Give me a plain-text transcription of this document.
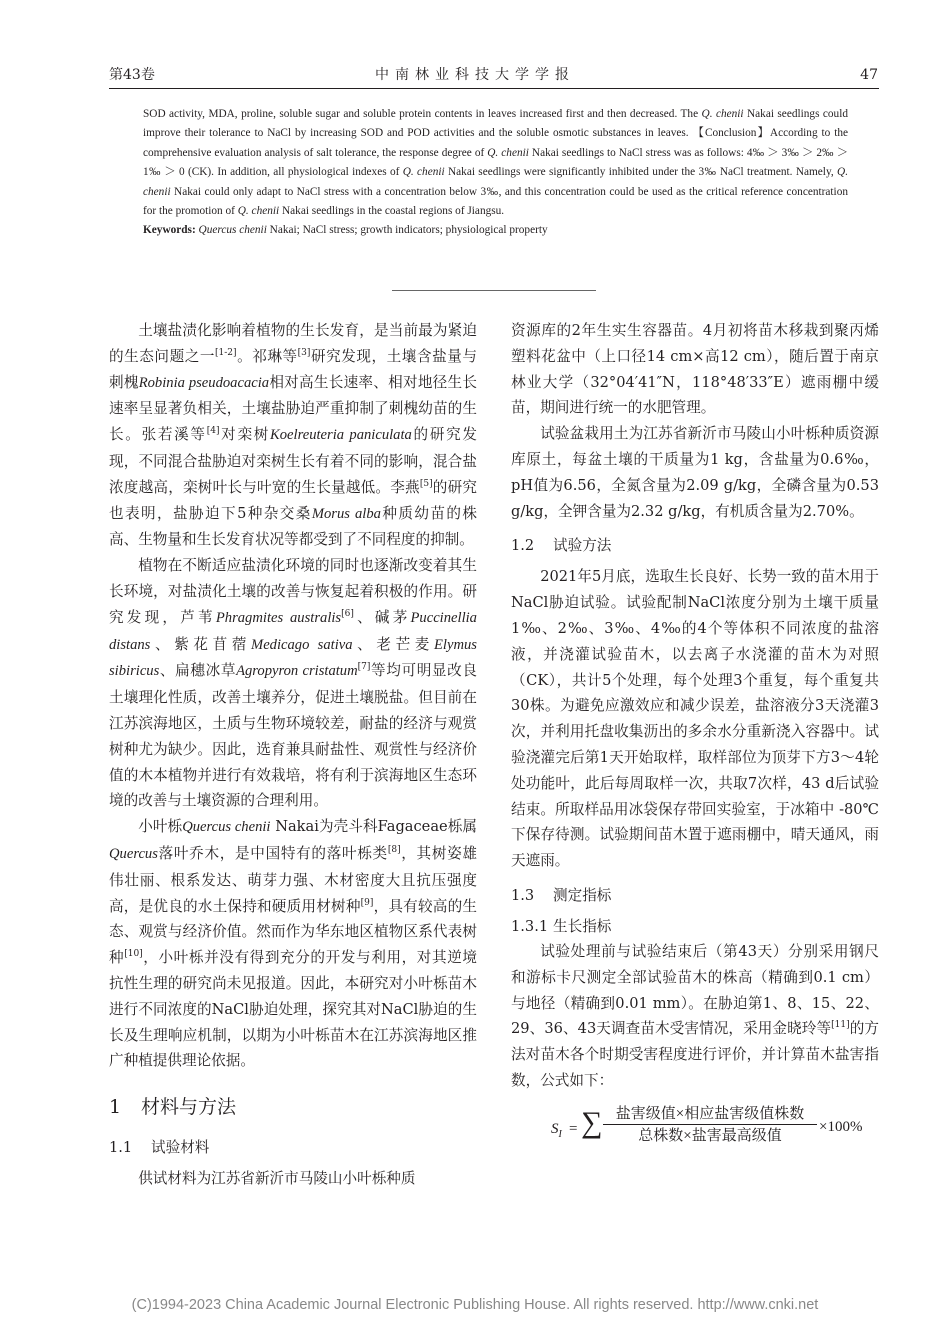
第43卷	中南林业科技大学学报	47

SOD activity, MDA, proline, soluble sugar and soluble protein contents in leaves increased first and then decreased. The Q. chenii Nakai seedlings could improve their tolerance to NaCl by increasing SOD and POD activities and the soluble osmotic substances in leaves. 【Conclusion】According to the comprehensive evaluation analysis of salt tolerance, the response degree of Q. chenii Nakai seedlings to NaCl stress was as follows: 4‰ ＞ 3‰ ＞ 2‰ ＞ 1‰ ＞ 0 (CK). In addition, all physiological indexes of Q. chenii Nakai seedlings were significantly inhibited under the 3‰ NaCl treatment. Namely, Q. chenii Nakai could only adapt to NaCl stress with a concentration below 3‰, and this concentration could be used as the critical reference concentration for the promotion of Q. chenii Nakai seedlings in the coastal regions of Jiangsu.

Keywords: Quercus chenii Nakai; NaCl stress; growth indicators; physiological property

土壤盐渍化影响着植物的生长发育，是当前最为紧迫的生态问题之一[1-2]。祁琳等[3]研究发现，土壤含盐量与刺槐Robinia pseudoacacia相对高生长速率、相对地径生长速率呈显著负相关，土壤盐胁迫严重抑制了刺槐幼苗的生长。张若溪等[4]对栾树Koelreuteria paniculata的研究发现，不同混合盐胁迫对栾树生长有着不同的影响，混合盐浓度越高，栾树叶长与叶宽的生长量越低。李燕[5]的研究也表明，盐胁迫下5种杂交桑Morus alba种质幼苗的株高、生物量和生长发育状况等都受到了不同程度的抑制。

植物在不断适应盐渍化环境的同时也逐渐改变着其生长环境，对盐渍化土壤的改善与恢复起着积极的作用。研究发现，芦苇Phragmites australis[6]、碱茅Puccinellia distans、紫花苜蓿Medicago sativa、老芒麦Elymus sibiricus、扁穗冰草Agropyron cristatum[7]等均可明显改良土壤理化性质，改善土壤养分，促进土壤脱盐。但目前在江苏滨海地区，土质与生物环境较差，耐盐的经济与观赏树种尤为缺少。因此，选育兼具耐盐性、观赏性与经济价值的木本植物并进行有效栽培，将有利于滨海地区生态环境的改善与土壤资源的合理利用。

小叶栎Quercus chenii Nakai为壳斗科Fagaceae栎属Quercus落叶乔木，是中国特有的落叶栎类[8]，其树姿雄伟壮丽、根系发达、萌芽力强、木材密度大且抗压强度高，是优良的水土保持和硬质用材树种[9]，具有较高的生态、观赏与经济价值。然而作为华东地区植物区系代表树种[10]，小叶栎并没有得到充分的开发与利用，对其逆境抗性生理的研究尚未见报道。因此，本研究对小叶栎苗木进行不同浓度的NaCl胁迫处理，探究其对NaCl胁迫的生长及生理响应机制，以期为小叶栎苗木在江苏滨海地区推广种植提供理论依据。

1 材料与方法
1.1 试验材料

供试材料为江苏省新沂市马陵山小叶栎种质

资源库的2年生实生容器苗。4月初将苗木移栽到聚丙烯塑料花盆中（上口径14 cm×高12 cm），随后置于南京林业大学（32°04′41″N，118°48′33″E）遮雨棚中缓苗，期间进行统一的水肥管理。

试验盆栽用土为江苏省新沂市马陵山小叶栎种质资源库原土，每盆土壤的干质量为1 kg，含盐量为0.6‰，pH值为6.56，全氮含量为2.09 g/kg，全磷含量为0.53 g/kg，全钾含量为2.32 g/kg，有机质含量为2.70%。

1.2 试验方法

2021年5月底，选取生长良好、长势一致的苗木用于NaCl胁迫试验。试验配制NaCl浓度分别为土壤干质量1‰、2‰、3‰、4‰的4个等体积不同浓度的盐溶液，并浇灌试验苗木，以去离子水浇灌的苗木为对照（CK），共计5个处理，每个处理3个重复，每个重复共30株。为避免应激效应和减少误差，盐溶液分3天浇灌3次，并利用托盘收集沥出的多余水分重新浇入容器中。试验浇灌完后第1天开始取样，取样部位为顶芽下方3～4轮处功能叶，此后每周取样一次，共取7次样，43 d后试验结束。所取样品用冰袋保存带回实验室，于冰箱中 -80℃下保存待测。试验期间苗木置于遮雨棚中，晴天通风，雨天遮雨。

1.3 测定指标
1.3.1 生长指标

试验处理前与试验结束后（第43天）分别采用钢尺和游标卡尺测定全部试验苗木的株高（精确到0.1 cm）与地径（精确到0.01 mm）。在胁迫第1、8、15、22、29、36、43天调查苗木受害情况，采用金晓玲等[11]的方法对苗木各个时期受害程度进行评价，并计算苗木盐害指数，公式如下：

$S_I$ = ∑ 盐害级值×相应盐害级值株数
总株数×盐害最高级值
×100%
(C)1994-2023 China Academic Journal Electronic Publishing House. All rights reserved. http://www.cnki.net
